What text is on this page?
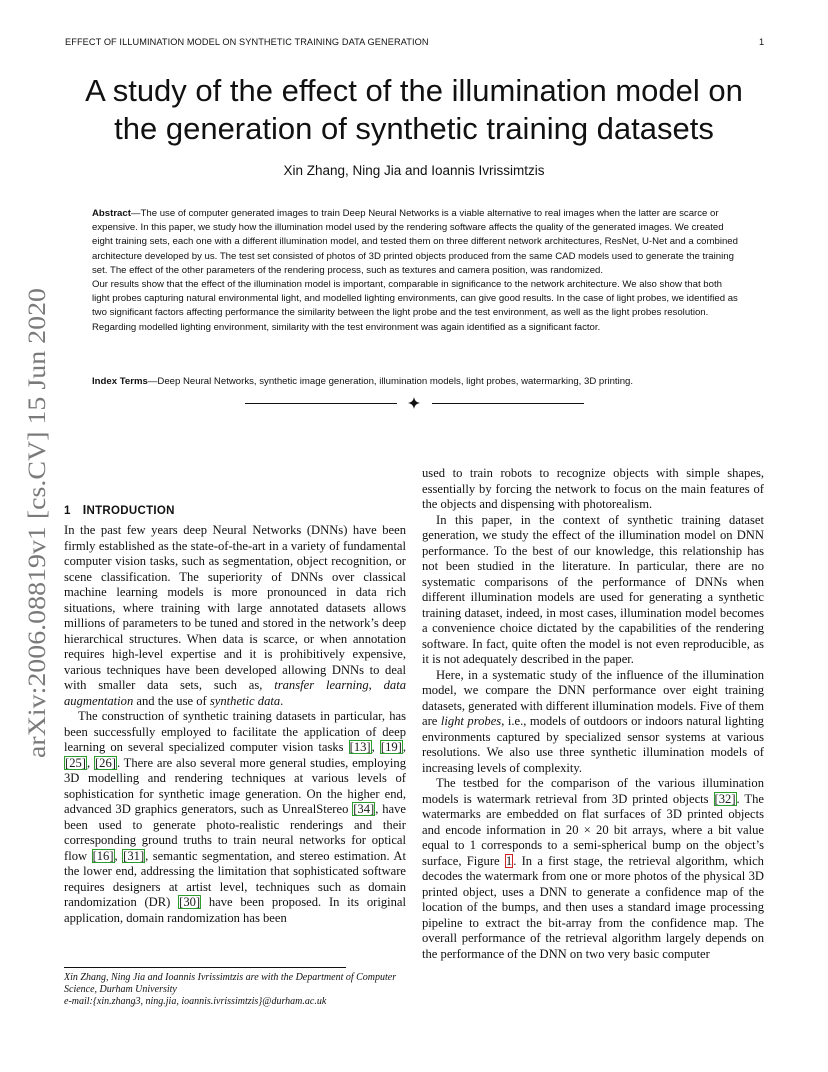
EFFECT OF ILLUMINATION MODEL ON SYNTHETIC TRAINING DATA GENERATION	1
arXiv:2006.08819v1 [cs.CV] 15 Jun 2020
A study of the effect of the illumination model on
the generation of synthetic training datasets
Xin Zhang, Ning Jia and Ioannis Ivrissimtzis

Abstract—The use of computer generated images to train Deep Neural Networks is a viable alternative to real images when the latter are scarce or expensive. In this paper, we study how the illumination model used by the rendering software affects the quality of the generated images. We created eight training sets, each one with a different illumination model, and tested them on three different network architectures, ResNet, U-Net and a combined architecture developed by us. The test set consisted of photos of 3D printed objects produced from the same CAD models used to generate the training set. The effect of the other parameters of the rendering process, such as textures and camera position, was randomized.

Our results show that the effect of the illumination model is important, comparable in significance to the network architecture. We also show that both light probes capturing natural environmental light, and modelled lighting environments, can give good results. In the case of light probes, we identified as two significant factors affecting performance the similarity between the light probe and the test environment, as well as the light probes resolution. Regarding modelled lighting environment, similarity with the test environment was again identified as a significant factor.

Index Terms—Deep Neural Networks, synthetic image generation, illumination models, light probes, watermarking, 3D printing.
1 INTRODUCTION

In the past few years deep Neural Networks (DNNs) have been firmly established as the state-of-the-art in a variety of fundamental computer vision tasks, such as segmentation, object recognition, or scene classification. The superiority of DNNs over classical machine learning models is more pronounced in data rich situations, where training with large annotated datasets allows millions of parameters to be tuned and stored in the network’s deep hierarchical structures. When data is scarce, or when annotation requires high-level expertise and it is prohibitively expensive, various techniques have been developed allowing DNNs to deal with smaller data sets, such as, transfer learning, data augmentation and the use of synthetic data.

The construction of synthetic training datasets in particular, has been successfully employed to facilitate the application of deep learning on several specialized computer vision tasks [13], [19], [25], [26]. There are also several more general studies, employing 3D modelling and rendering techniques at various levels of sophistication for synthetic image generation. On the higher end, advanced 3D graphics generators, such as UnrealStereo [34], have been used to generate photo-realistic renderings and their corresponding ground truths to train neural networks for optical flow [16], [31], semantic segmentation, and stereo estimation. At the lower end, addressing the limitation that sophisticated software requires designers at artist level, techniques such as domain randomization (DR) [30] have been proposed. In its original application, domain randomization has been

Xin Zhang, Ning Jia and Ioannis Ivrissimtzis are with the Department of Computer Science, Durham University

e-mail:{xin.zhang3, ning.jia, ioannis.ivrissimtzis}@durham.ac.uk

used to train robots to recognize objects with simple shapes, essentially by forcing the network to focus on the main features of the objects and dispensing with photorealism.

In this paper, in the context of synthetic training dataset generation, we study the effect of the illumination model on DNN performance. To the best of our knowledge, this relationship has not been studied in the literature. In particular, there are no systematic comparisons of the performance of DNNs when different illumination models are used for generating a synthetic training dataset, indeed, in most cases, illumination model becomes a convenience choice dictated by the capabilities of the rendering software. In fact, quite often the model is not even reproducible, as it is not adequately described in the paper.

Here, in a systematic study of the influence of the illumination model, we compare the DNN performance over eight training datasets, generated with different illumination models. Five of them are light probes, i.e., models of outdoors or indoors natural lighting environments captured by specialized sensor systems at various resolutions. We also use three synthetic illumination models of increasing levels of complexity.

The testbed for the comparison of the various illumination models is watermark retrieval from 3D printed objects [32]. The watermarks are embedded on flat surfaces of 3D printed objects and encode information in 20 × 20 bit arrays, where a bit value equal to 1 corresponds to a semi-spherical bump on the object’s surface, Figure 1. In a first stage, the retrieval algorithm, which decodes the watermark from one or more photos of the physical 3D printed object, uses a DNN to generate a confidence map of the location of the bumps, and then uses a standard image processing pipeline to extract the bit-array from the confidence map. The overall performance of the retrieval algorithm largely depends on the performance of the DNN on two very basic computer
